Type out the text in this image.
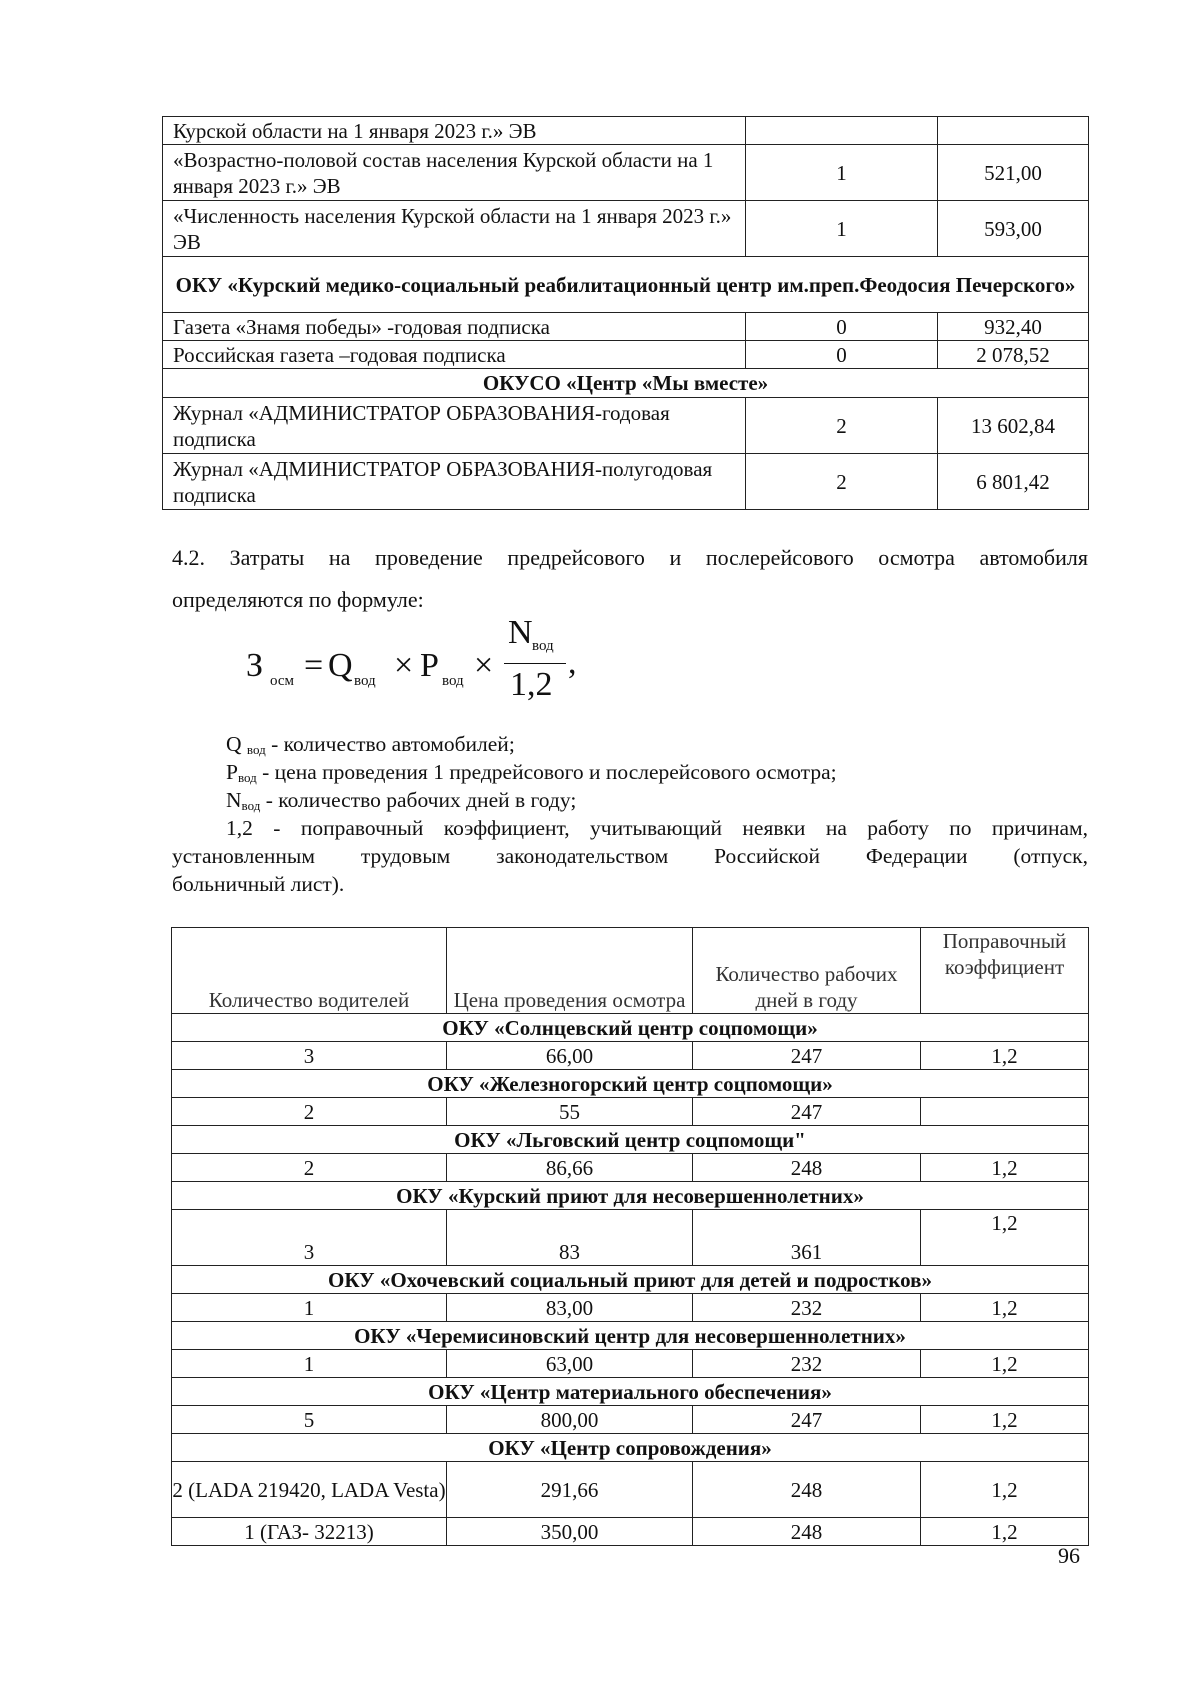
Курской области на 1 января 2023 г.» ЭВ		
«Возрастно-половой состав населения Курской области на 1 января 2023 г.» ЭВ	1	521,00
«Численность населения Курской области на 1 января 2023 г.» ЭВ	1	593,00
ОКУ «Курский медико-социальный реабилитационный центр им.преп.Феодосия Печерского»		
Газета «Знамя победы» -годовая подписка	0	932,40
Российская газета –годовая подписка	0	2 078,52
ОКУСО «Центр «Мы вместе»		
Журнал «АДМИНИСТРАТОР ОБРАЗОВАНИЯ-годовая подписка	2	13 602,84
Журнал «АДМИНИСТРАТОР ОБРАЗОВАНИЯ-полугодовая подписка	2	6 801,42
4.2. Затраты на проведение предрейсового и послерейсового осмотра автомобиля
определяются по формуле:
З осм = Q вод × P вод ×
N вод
1,2
,
Q $_{вод}$ - количество автомобилей;
$P_{вод}$ - цена проведения 1 предрейсового и послерейсового осмотра;
$N_{вод}$ - количество рабочих дней в году;
1,2 - поправочный коэффициент, учитывающий неявки на работу по причинам,
установленным трудовым законодательством Российской Федерации (отпуск,
больничный лист).
Количество водителей	Цена проведения осмотра	Количество рабочих дней в году	Поправочный коэффициент
ОКУ «Солнцевский центр соцпомощи»			
3	66,00	247	1,2
ОКУ «Железногорский центр соцпомощи»			
2	55	247	
ОКУ «Льговский центр соцпомощи"			
2	86,66	248	1,2
ОКУ «Курский приют для несовершеннолетних»			
3	83	361	1,2
ОКУ «Охочевский социальный приют для детей и подростков»			
1	83,00	232	1,2
ОКУ «Черемисиновский центр для несовершеннолетних»			
1	63,00	232	1,2
ОКУ «Центр материального обеспечения»			
5	800,00	247	1,2
ОКУ «Центр сопровождения»			
2 (LADA 219420, LADA Vesta)	291,66	248	1,2
1 (ГАЗ- 32213)	350,00	248	1,2
96
